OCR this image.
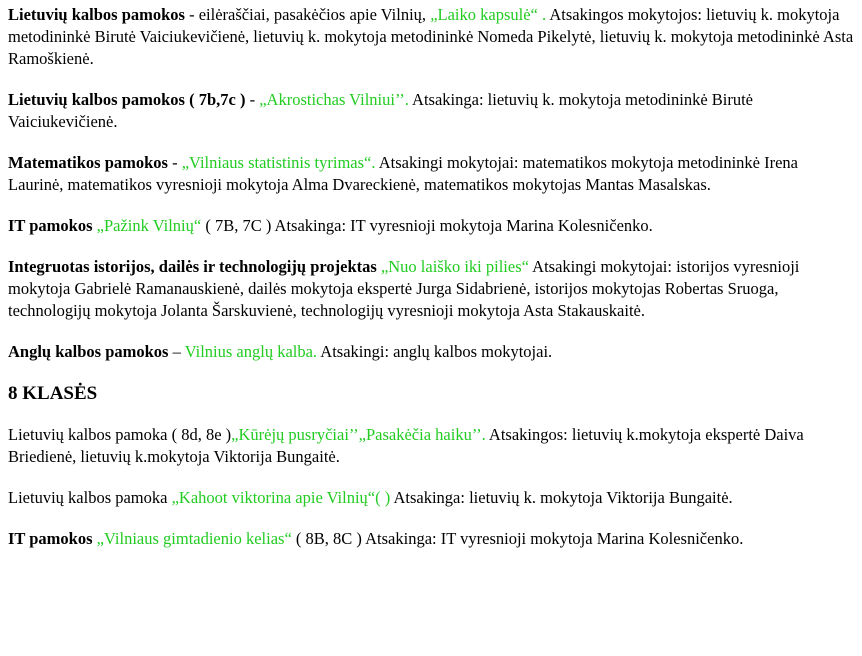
Lietuvių kalbos pamokos - eilėraščiai, pasakėčios apie Vilnių, „Laiko kapsulė“ . Atsakingos mokytojos: lietuvių k. mokytoja metodininkė Birutė Vaiciukevičienė, lietuvių k. mokytoja metodininkė Nomeda Pikelytė, lietuvių k. mokytoja metodininkė Asta Ramoškienė.

Lietuvių kalbos pamokos ( 7b,7c ) - „Akrostichas Vilniui’’. Atsakinga: lietuvių k. mokytoja metodininkė Birutė Vaiciukevičienė.

Matematikos pamokos - „Vilniaus statistinis tyrimas“. Atsakingi mokytojai: matematikos mokytoja metodininkė Irena Laurinė, matematikos vyresnioji mokytoja Alma Dvareckienė, matematikos mokytojas Mantas Masalskas.

IT pamokos „Pažink Vilnių“ ( 7B, 7C ) Atsakinga: IT vyresnioji mokytoja Marina Kolesničenko.

Integruotas istorijos, dailės ir technologijų projektas „Nuo laiško iki pilies“ Atsakingi mokytojai: istorijos vyresnioji mokytoja Gabrielė Ramanauskienė, dailės mokytoja ekspertė Jurga Sidabrienė, istorijos mokytojas Robertas Sruoga, technologijų mokytoja Jolanta Šarskuvienė, technologijų vyresnioji mokytoja Asta Stakauskaitė.

Anglų kalbos pamokos – Vilnius anglų kalba. Atsakingi: anglų kalbos mokytojai.

8 KLASĖS

Lietuvių kalbos pamoka ( 8d, 8e )„Kūrėjų pusryčiai’’„Pasakėčia haiku’’. Atsakingos: lietuvių k.mokytoja ekspertė Daiva Briedienė, lietuvių k.mokytoja Viktorija Bungaitė.

Lietuvių kalbos pamoka „Kahoot viktorina apie Vilnių“( ) Atsakinga: lietuvių k. mokytoja Viktorija Bungaitė.

IT pamokos „Vilniaus gimtadienio kelias“ ( 8B, 8C ) Atsakinga: IT vyresnioji mokytoja Marina Kolesničenko.
